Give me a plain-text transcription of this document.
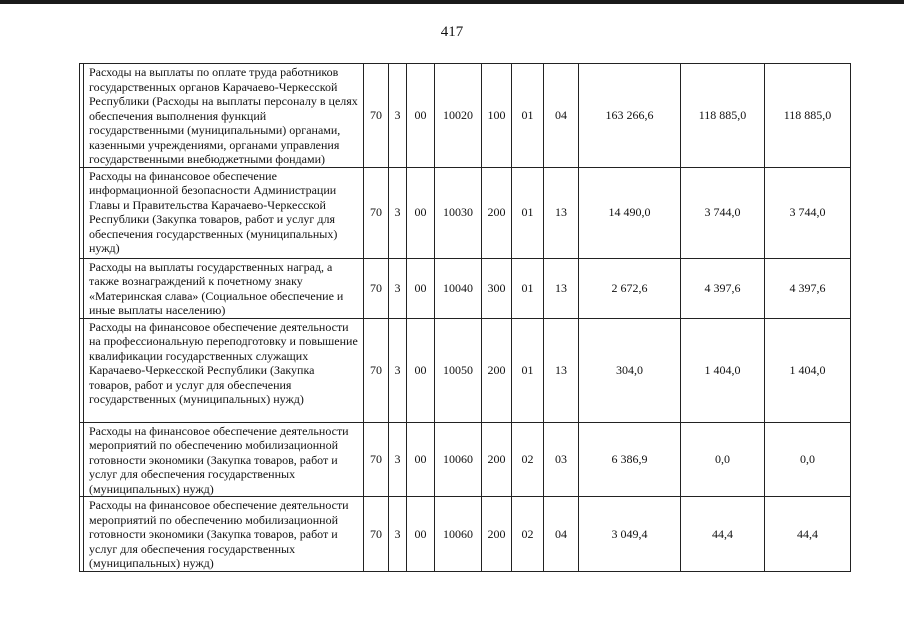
417
	Расходы на выплаты по оплате труда работников государственных органов Карачаево-Черкесской Республики (Расходы на выплаты персоналу в целях обеспечения выполнения функций государственными (муниципальными) органами, казенными учреждениями, органами управления государственными внебюджетными фондами)	70	3	00	10020	100	01	04	163 266,6	118 885,0	118 885,0
	Расходы на финансовое обеспечение информационной безопасности Администрации Главы и Правительства Карачаево-Черкесской Республики (Закупка товаров, работ и услуг для обеспечения государственных (муниципальных) нужд)	70	3	00	10030	200	01	13	14 490,0	3 744,0	3 744,0
	Расходы на выплаты государственных наград, а также вознаграждений к почетному знаку «Материнская слава» (Социальное обеспечение и иные выплаты населению)	70	3	00	10040	300	01	13	2 672,6	4 397,6	4 397,6
	Расходы на финансовое обеспечение деятельности на профессиональную переподготовку и повышение квалификации государственных служащих Карачаево-Черкесской Республики (Закупка товаров, работ и услуг для обеспечения государственных (муниципальных) нужд)	70	3	00	10050	200	01	13	304,0	1 404,0	1 404,0
	Расходы на финансовое обеспечение деятельности мероприятий по обеспечению мобилизационной готовности экономики (Закупка товаров, работ и услуг для обеспечения государственных (муниципальных) нужд)	70	3	00	10060	200	02	03	6 386,9	0,0	0,0
	Расходы на финансовое обеспечение деятельности мероприятий по обеспечению мобилизационной готовности экономики (Закупка товаров, работ и услуг для обеспечения государственных (муниципальных) нужд)	70	3	00	10060	200	02	04	3 049,4	44,4	44,4
